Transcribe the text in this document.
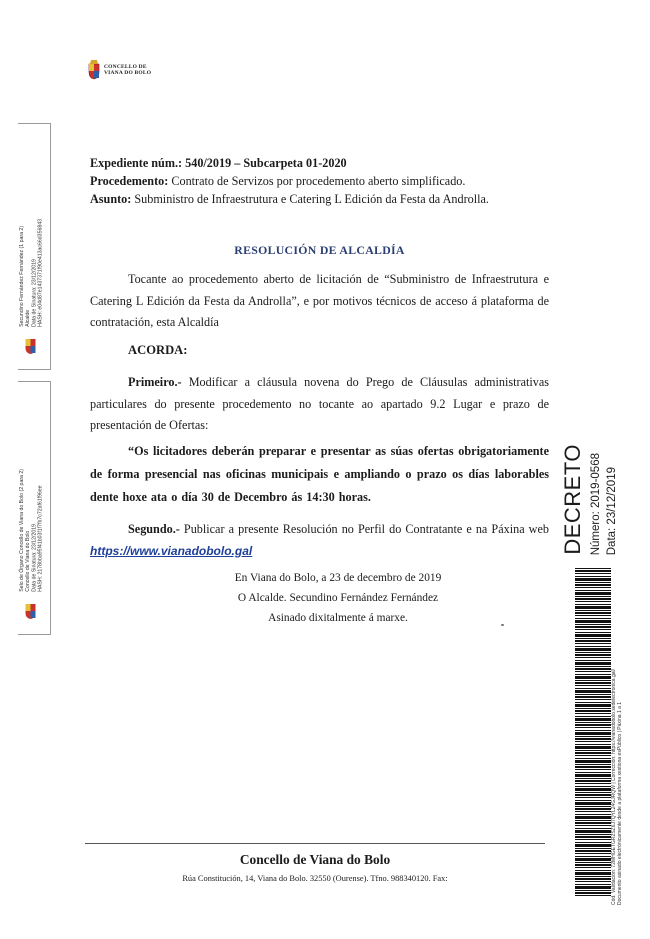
CONCELLO DE
VIANA DO BOLO
Secundino Fernández Fernández (1 para 2) Alcalde Data de Sinatura: 23/12/2019 HASH: e04d87e1437371f90e413ac66d356843
Selo de Órgano Concello de Viana do Bolo (2 para 2) Concello de Viana do Bolo Data de Sinatura: 23/12/2019 HASH: 2178bba95f41b03f1f7fb7c72af61f96ee

Expediente núm.: 540/2019 – Subcarpeta 01-2020

Procedemento: Contrato de Servizos por procedemento aberto simplificado.

Asunto: Subministro de Infraestrutura e Catering L Edición da Festa da Androlla.

RESOLUCIÓN DE ALCALDÍA

Tocante ao procedemento aberto de licitación de “Subministro de Infraestrutura e Catering L Edición da Festa da Androlla”, e por motivos técnicos de acceso á plataforma de contratación, esta Alcaldía

ACORDA:

Primeiro.- Modificar a cláusula novena do Prego de Cláusulas administrativas particulares do presente procedemento no tocante ao apartado 9.2 Lugar e prazo de presentación de Ofertas:

“Os licitadores deberán preparar e presentar as súas ofertas obrigatoriamente de forma presencial nas oficinas municipais e ampliando o prazo os días laborables dente hoxe ata o día 30 de Decembro ás 14:30 horas.

Segundo.- Publicar a presente Resolución no Perfil do Contratante e na Páxina web https://www.vianadobolo.gal

En Viana do Bolo, a 23 de decembro de 2019
O Alcalde. Secundino Fernández Fernández
Asinado dixitalmente á marxe.
DECRETO Número: 2019-0568 Data: 23/12/2019
Cód. Validación: 72MHGETGR2SZ6J7QYL24GJRQW | Corrección: https://vianadobolo.sedelectronica.gal/ Documento asinado electrónicamente desde a plataforma xestiona esPúblico | Páxina 1 a 1
Concello de Viana do Bolo
Rúa Constitución, 14, Viana do Bolo. 32550 (Ourense). Tfno. 988340120. Fax:
